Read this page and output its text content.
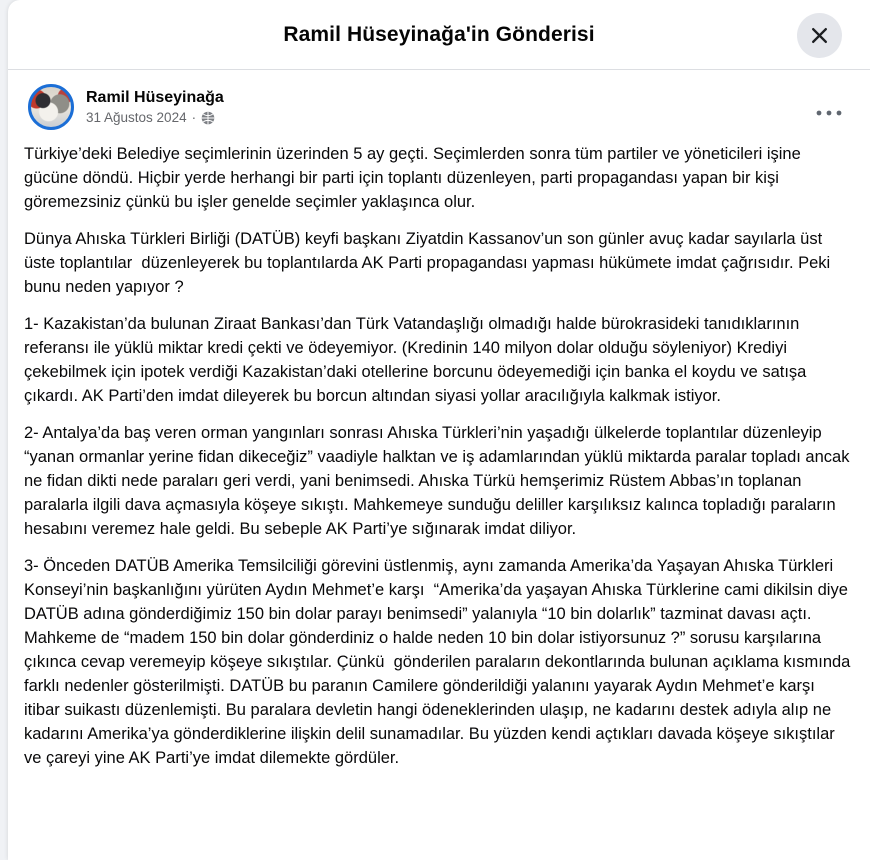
Ramil Hüseyinağa'in Gönderisi
Ramil Hüseyinağa
31 Ağustos 2024 ·

Türkiye’deki Belediye seçimlerinin üzerinden 5 ay geçti. Seçimlerden sonra tüm partiler ve yöneticileri işine gücüne döndü. Hiçbir yerde herhangi bir parti için toplantı düzenleyen, parti propagandası yapan bir kişi göremezsiniz çünkü bu işler genelde seçimler yaklaşınca olur.

Dünya Ahıska Türkleri Birliği (DATÜB) keyfi başkanı Ziyatdin Kassanov’un son günler avuç kadar sayılarla üst üste toplantılar  düzenleyerek bu toplantılarda AK Parti propagandası yapması hükümete imdat çağrısıdır. Peki bunu neden yapıyor ?

1- Kazakistan’da bulunan Ziraat Bankası’dan Türk Vatandaşlığı olmadığı halde bürokrasideki tanıdıklarının referansı ile yüklü miktar kredi çekti ve ödeyemiyor. (Kredinin 140 milyon dolar olduğu söyleniyor) Krediyi çekebilmek için ipotek verdiği Kazakistan’daki otellerine borcunu ödeyemediği için banka el koydu ve satışa çıkardı. AK Parti’den imdat dileyerek bu borcun altından siyasi yollar aracılığıyla kalkmak istiyor.

2- Antalya’da baş veren orman yangınları sonrası Ahıska Türkleri’nin yaşadığı ülkelerde toplantılar düzenleyip “yanan ormanlar yerine fidan dikeceğiz” vaadiyle halktan ve iş adamlarından yüklü miktarda paralar topladı ancak ne fidan dikti nede paraları geri verdi, yani benimsedi. Ahıska Türkü hemşerimiz Rüstem Abbas’ın toplanan paralarla ilgili dava açmasıyla köşeye sıkıştı. Mahkemeye sunduğu deliller karşılıksız kalınca topladığı paraların hesabını veremez hale geldi. Bu sebeple AK Parti’ye sığınarak imdat diliyor.

3- Önceden DATÜB Amerika Temsilciliği görevini üstlenmiş, aynı zamanda Amerika’da Yaşayan Ahıska Türkleri Konseyi’nin başkanlığını yürüten Aydın Mehmet’e karşı  “Amerika’da yaşayan Ahıska Türklerine cami dikilsin diye DATÜB adına gönderdiğimiz 150 bin dolar parayı benimsedi” yalanıyla “10 bin dolarlık” tazminat davası açtı. Mahkeme de “madem 150 bin dolar gönderdiniz o halde neden 10 bin dolar istiyorsunuz ?” sorusu karşılarına çıkınca cevap veremeyip köşeye sıkıştılar. Çünkü  gönderilen paraların dekontlarında bulunan açıklama kısmında farklı nedenler gösterilmişti. DATÜB bu paranın Camilere gönderildiği yalanını yayarak Aydın Mehmet’e karşı itibar suikastı düzenlemişti. Bu paralara devletin hangi ödeneklerinden ulaşıp, ne kadarını destek adıyla alıp ne kadarını Amerika’ya gönderdiklerine ilişkin delil sunamadılar. Bu yüzden kendi açtıkları davada köşeye sıkıştılar ve çareyi yine AK Parti’ye imdat dilemekte gördüler.
